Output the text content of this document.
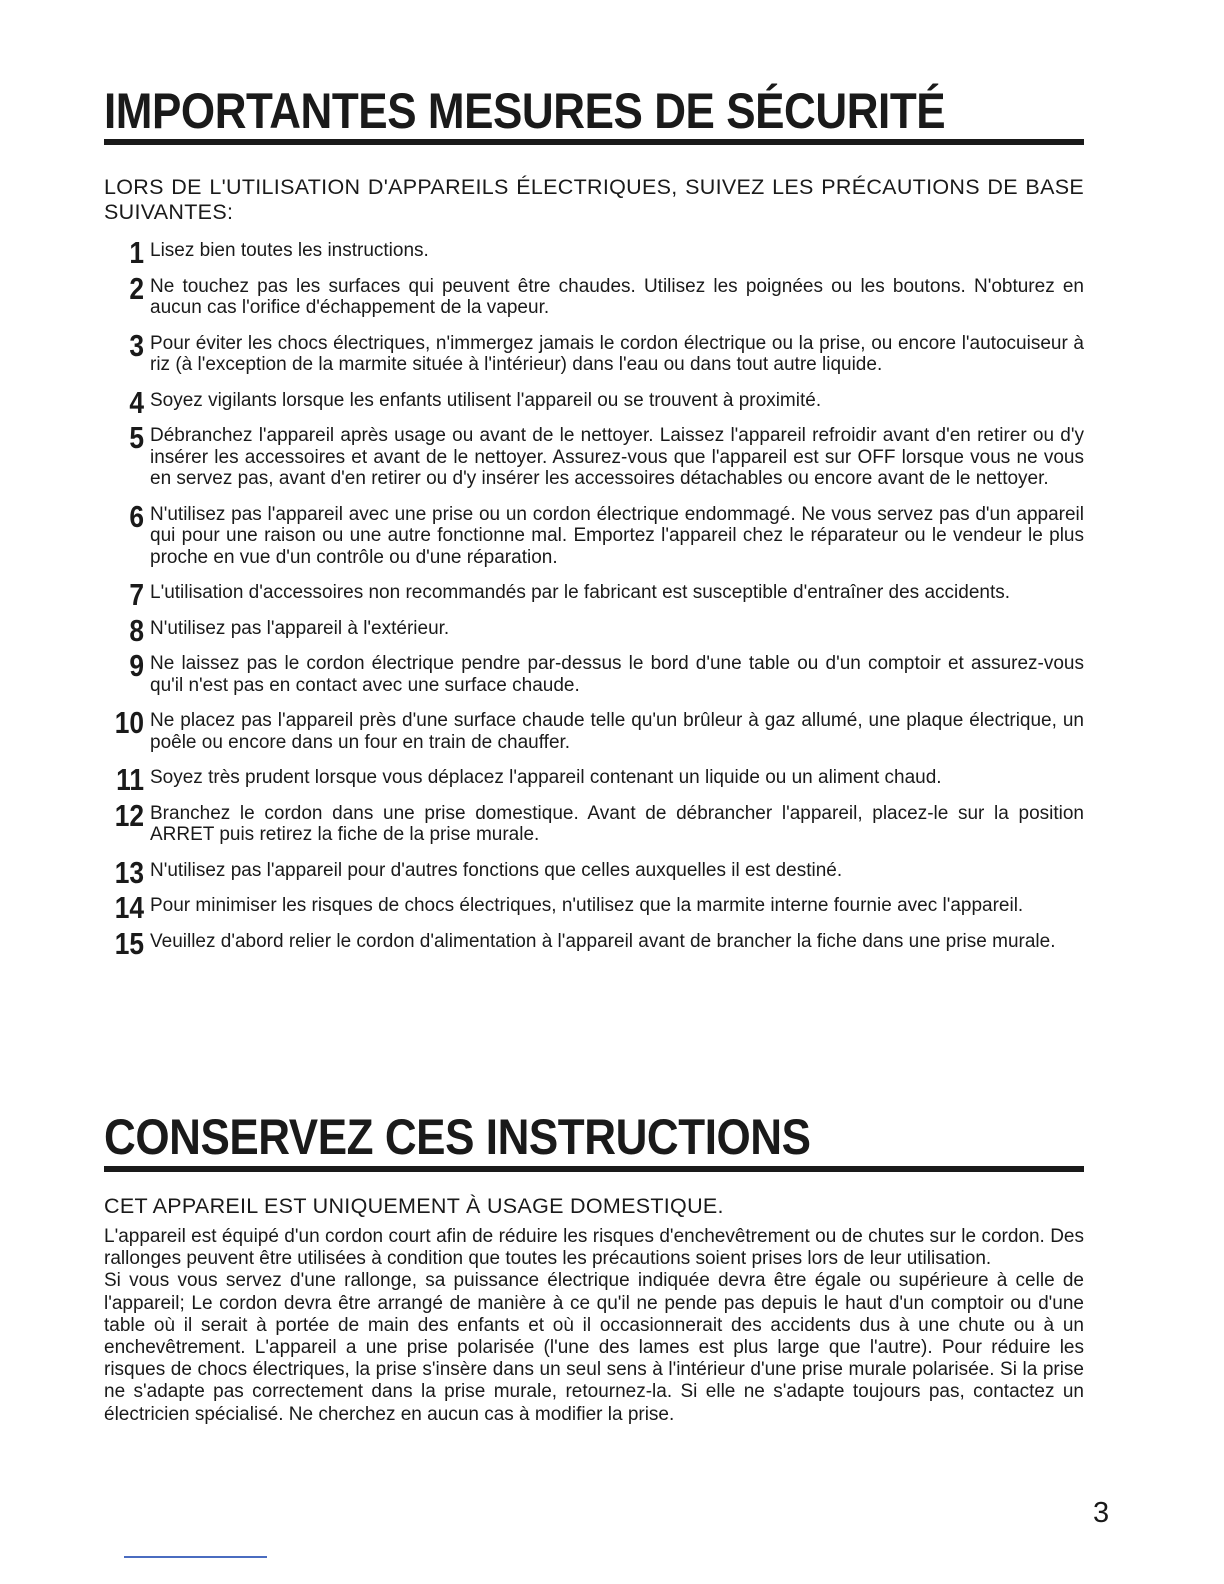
IMPORTANTES MESURES DE SÉCURITÉ
LORS DE L'UTILISATION D'APPAREILS ÉLECTRIQUES, SUIVEZ LES PRÉCAUTIONS DE BASE SUIVANTES:
1 Lisez bien toutes les instructions.
2 Ne touchez pas les surfaces qui peuvent être chaudes. Utilisez les poignées ou les boutons. N'obturez en aucun cas l'orifice d'échappement de la vapeur.
3 Pour éviter les chocs électriques, n'immergez jamais le cordon électrique ou la prise, ou encore l'autocuiseur à riz (à l'exception de la marmite située à l'intérieur) dans l'eau ou dans tout autre liquide.
4 Soyez vigilants lorsque les enfants utilisent l'appareil ou se trouvent à proximité.
5 Débranchez l'appareil après usage ou avant de le nettoyer. Laissez l'appareil refroidir avant d'en retirer ou d'y insérer les accessoires et avant de le nettoyer. Assurez-vous que l'appareil est sur OFF lorsque vous ne vous en servez pas, avant d'en retirer ou d'y insérer les accessoires détachables ou encore avant de le nettoyer.
6 N'utilisez pas l'appareil avec une prise ou un cordon électrique endommagé. Ne vous servez pas d'un appareil qui pour une raison ou une autre fonctionne mal. Emportez l'appareil chez le réparateur ou le vendeur le plus proche en vue d'un contrôle ou d'une réparation.
7 L'utilisation d'accessoires non recommandés par le fabricant est susceptible d'entraîner des accidents.
8 N'utilisez pas l'appareil à l'extérieur.
9 Ne laissez pas le cordon électrique pendre par-dessus le bord d'une table ou d'un comptoir et assurez-vous qu'il n'est pas en contact avec une surface chaude.
10 Ne placez pas l'appareil près d'une surface chaude telle qu'un brûleur à gaz allumé, une plaque électrique, un poêle ou encore dans un four en train de chauffer.
11 Soyez très prudent lorsque vous déplacez l'appareil contenant un liquide ou un aliment chaud.
12 Branchez le cordon dans une prise domestique. Avant de débrancher l'appareil, placez-le sur la position ARRET puis retirez la fiche de la prise murale.
13 N'utilisez pas l'appareil pour d'autres fonctions que celles auxquelles il est destiné.
14 Pour minimiser les risques de chocs électriques, n'utilisez que la marmite interne fournie avec l'appareil.
15 Veuillez d'abord relier le cordon d'alimentation à l'appareil avant de brancher la fiche dans une prise murale.
CONSERVEZ CES INSTRUCTIONS
CET APPAREIL EST UNIQUEMENT À USAGE DOMESTIQUE.

L'appareil est équipé d'un cordon court afin de réduire les risques d'enchevêtrement ou de chutes sur le cordon. Des rallonges peuvent être utilisées à condition que toutes les précautions soient prises lors de leur utilisation.

Si vous vous servez d'une rallonge, sa puissance électrique indiquée devra être égale ou supérieure à celle de l'appareil; Le cordon devra être arrangé de manière à ce qu'il ne pende pas depuis le haut d'un comptoir ou d'une table où il serait à portée de main des enfants et où il occasionnerait des accidents dus à une chute ou à un enchevêtrement. L'appareil a une prise polarisée (l'une des lames est plus large que l'autre). Pour réduire les risques de chocs électriques, la prise s'insère dans un seul sens à l'intérieur d'une prise murale polarisée. Si la prise ne s'adapte pas correctement dans la prise murale, retournez-la. Si elle ne s'adapte toujours pas, contactez un électricien spécialisé. Ne cherchez en aucun cas à modifier la prise.

3
